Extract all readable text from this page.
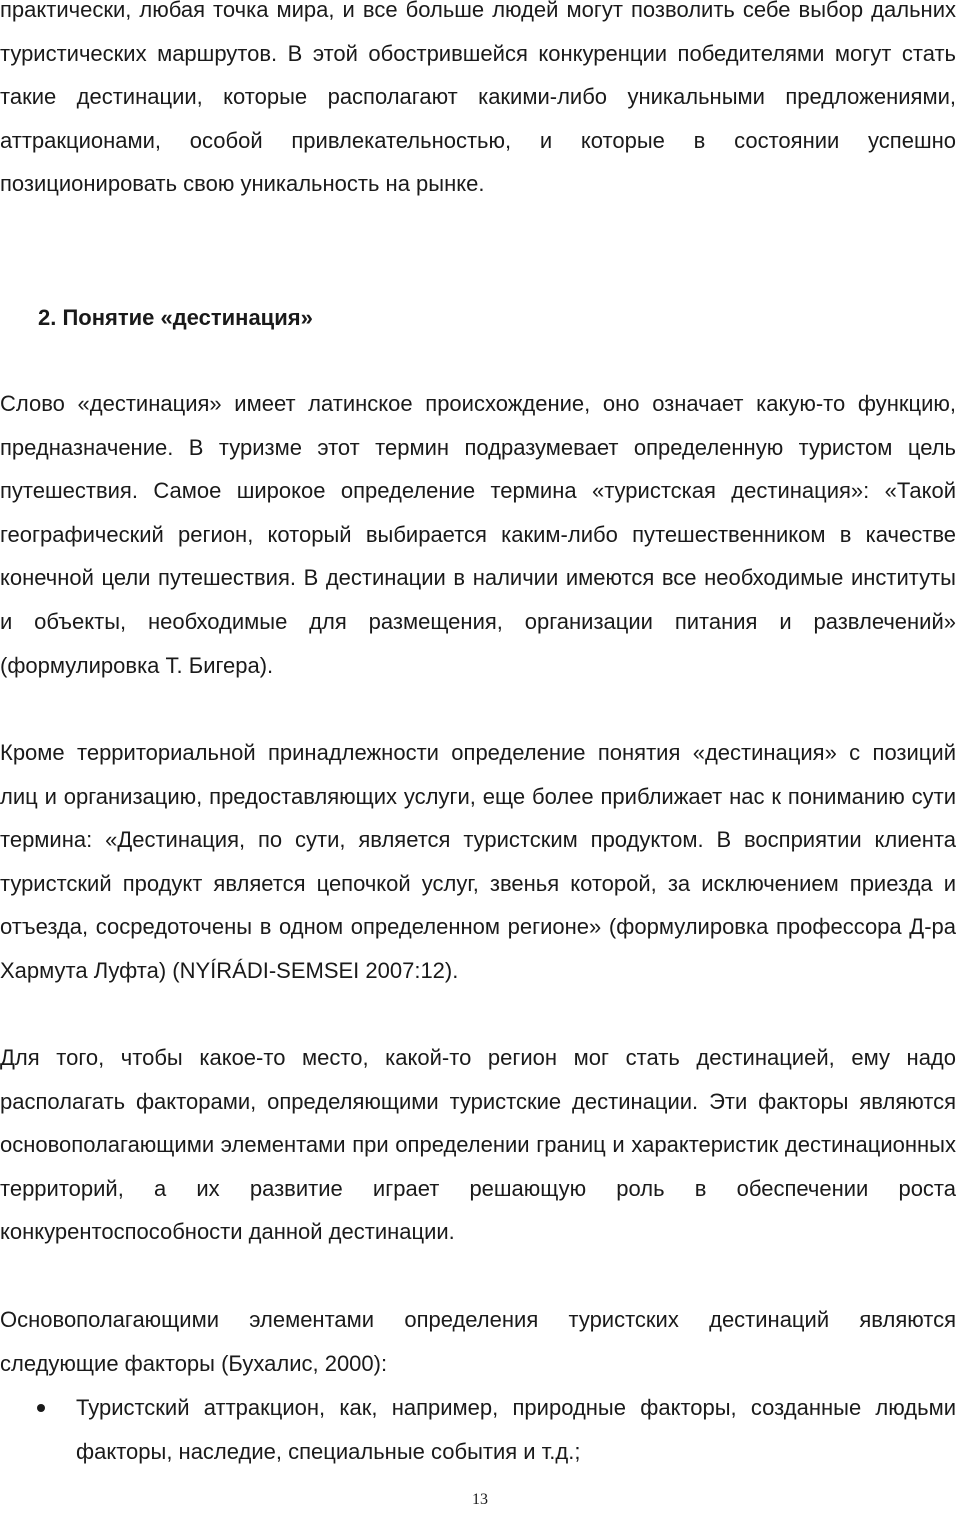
практически, любая точка мира, и все больше людей могут позволить себе выбор дальних туристических маршрутов. В этой обострившейся конкуренции победителями могут стать такие дестинации, которые располагают какими-либо уникальными предложениями, аттракционами, особой привлекательностью, и которые в состоянии успешно позиционировать свою уникальность на рынке.

2. Понятие «дестинация»

Слово «дестинация» имеет латинское происхождение, оно означает какую-то функцию, предназначение. В туризме этот термин подразумевает определенную туристом цель путешествия. Самое широкое определение термина «туристская дестинация»: «Такой географический регион, который выбирается каким-либо путешественником в качестве конечной цели путешествия. В дестинации в наличии имеются все необходимые институты и объекты, необходимые для размещения, организации питания и развлечений» (формулировка Т. Бигера).

Кроме территориальной принадлежности определение понятия «дестинация» с позиций лиц и организацию, предоставляющих услуги, еще более приближает нас к пониманию сути термина: «Дестинация, по сути, является туристским продуктом. В восприятии клиента туристский продукт является цепочкой услуг, звенья которой, за исключением приезда и отъезда, сосредоточены в одном определенном регионе» (формулировка профессора Д-ра Хармута Луфта) (NYÍRÁDI-SEMSEI 2007:12).

Для того, чтобы какое-то место, какой-то регион мог стать дестинацией, ему надо располагать факторами, определяющими туристские дестинации. Эти факторы являются основополагающими элементами при определении границ и характеристик дестинационных территорий, а их развитие играет решающую роль в обеспечении роста конкурентоспособности данной дестинации.

Основополагающими элементами определения туристских дестинаций являются следующие факторы (Бухалис, 2000):

Туристский аттракцион, как, например, природные факторы, созданные людьми факторы, наследие, специальные события и т.д.;
13
